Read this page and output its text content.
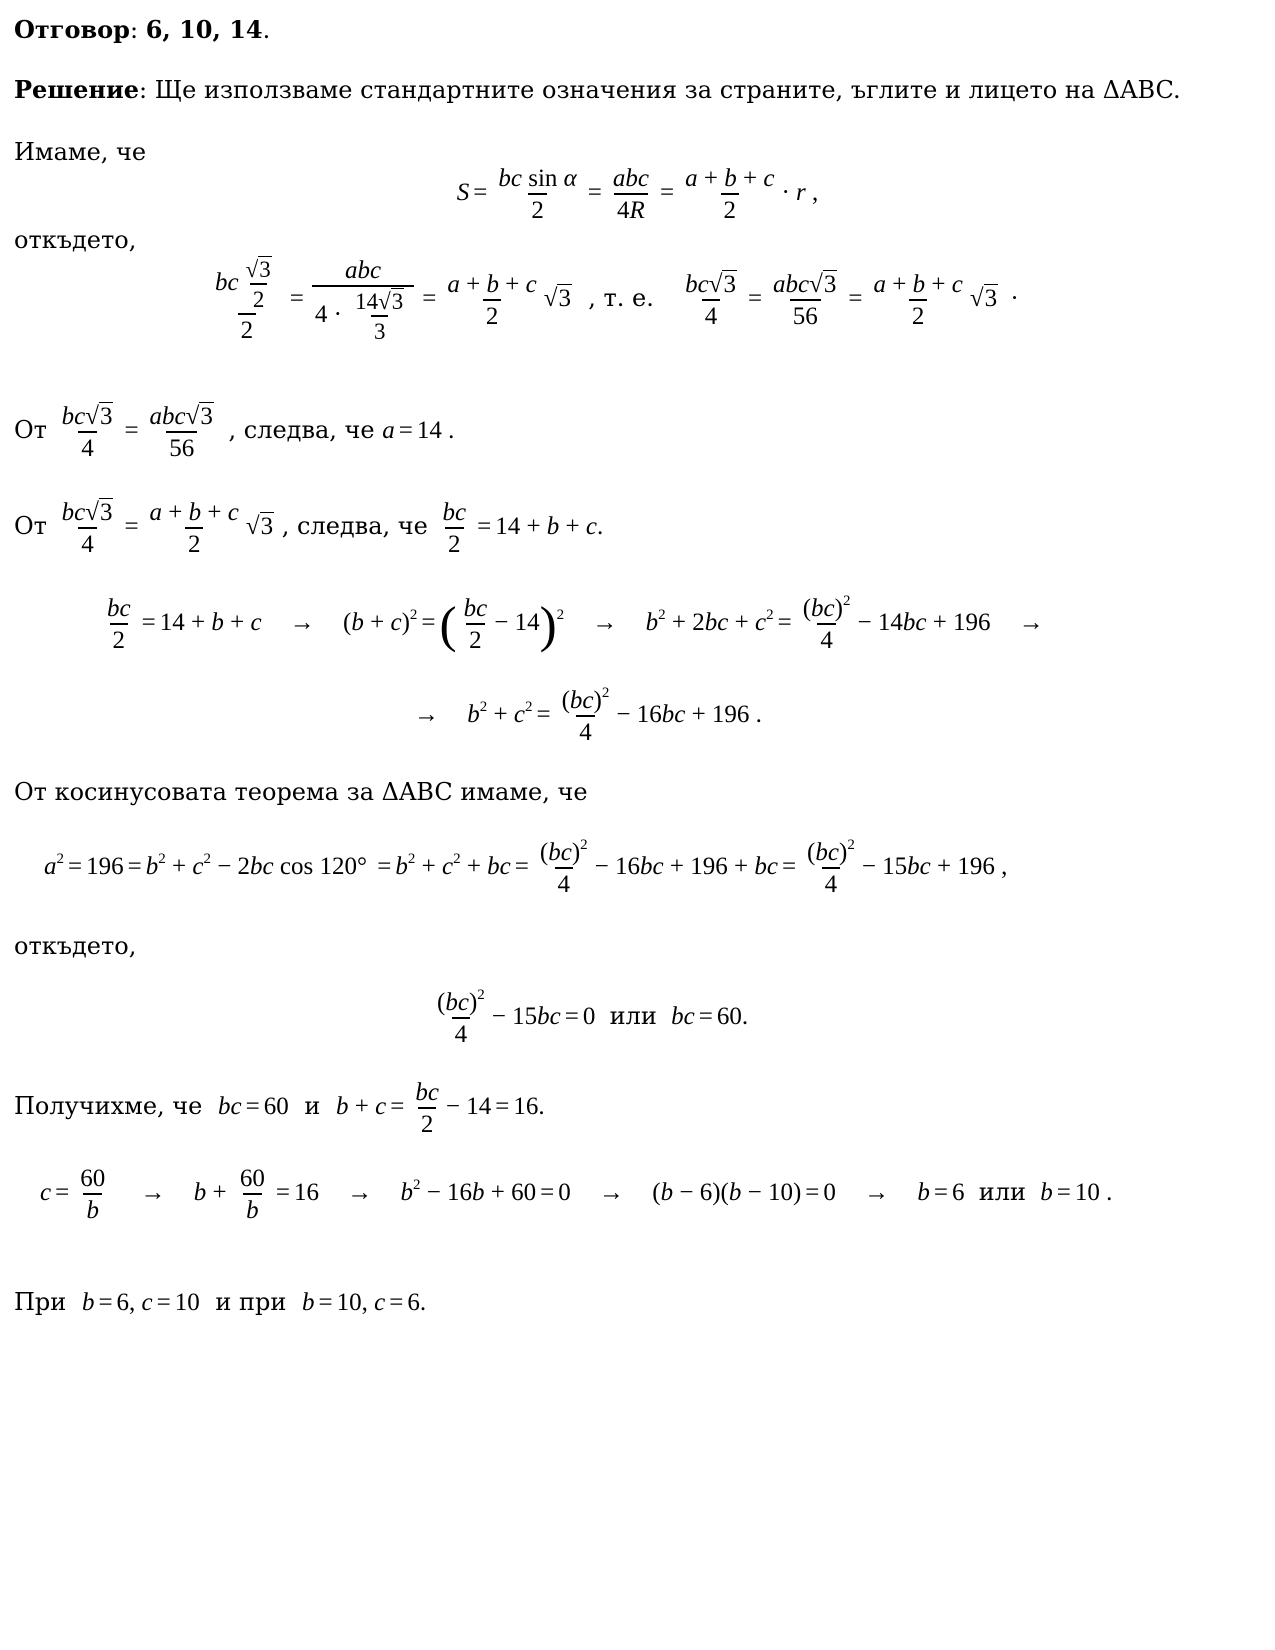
Отговор: 6, 10, 14.
Решение: Ще използваме стандартните означения за страните, ъглите и лицето на ΔABC.
Имаме, че
$S = \frac{\text{bc sin α}}{2} = \frac{\text{abc}}{4R} = \frac{a + b + c}{2} \cdot r$ ,
откъдето,
$\frac{bc \frac{√3}{2}}{2} = \frac{\text{abc}}{4 \cdot \frac{14√3}{3}} = \frac{a + b + c}{2} √3$ , т. е. $\frac{bc√3}{4} = \frac{\text{abc√3}}{56} = \frac{a + b + c}{2} √3$ ·
От $\frac{bc√3}{4} = \frac{\text{abc√3}}{56}$ , следва, че a = 14 .
От $\frac{bc√3}{4} = \frac{a + b + c}{2} √3$ , следва, че $\frac{bc}{2} = 14 + b + c$.
$\frac{bc}{2} = 14 + b + c \to (b + c)^2$ =( $\frac{bc}{2} - 14)^2 \to b^2 + 2bc + c^2 = \frac{(bc)^2}{4} - 14bc + 196$ →
→ $b^2 + c^2 = \frac{(bc)^2}{4} - 16bc + 196$ .
От косинусовата теорема за ΔABC имаме, че
$a^2 = 196 = b^2 + c^2 - 2bc$ $\cos 120^\circ = b^2 + c^2$ + bc = $\frac{(bc)^2}{4} - 16bc + 196$ + bc = $\frac{(bc)^2}{4} - 15bc + 196$ ,
откъдето,
$\frac{(bc)^2}{4} - 15bc = 0$ или bc = 60.
Получихме, че bc = 60 и $b + c = \frac{bc}{2} - 14 = 16$.
$c = \frac{60}{b} \to b + \frac{60}{b} = 16 \to b^2 - 16b + 60 = 0 \to (b - 6)(b - 10) = 0 \to b = 6$ или b = 10 .
При b = 6, c = 10 и при b = 10, c = 6.
